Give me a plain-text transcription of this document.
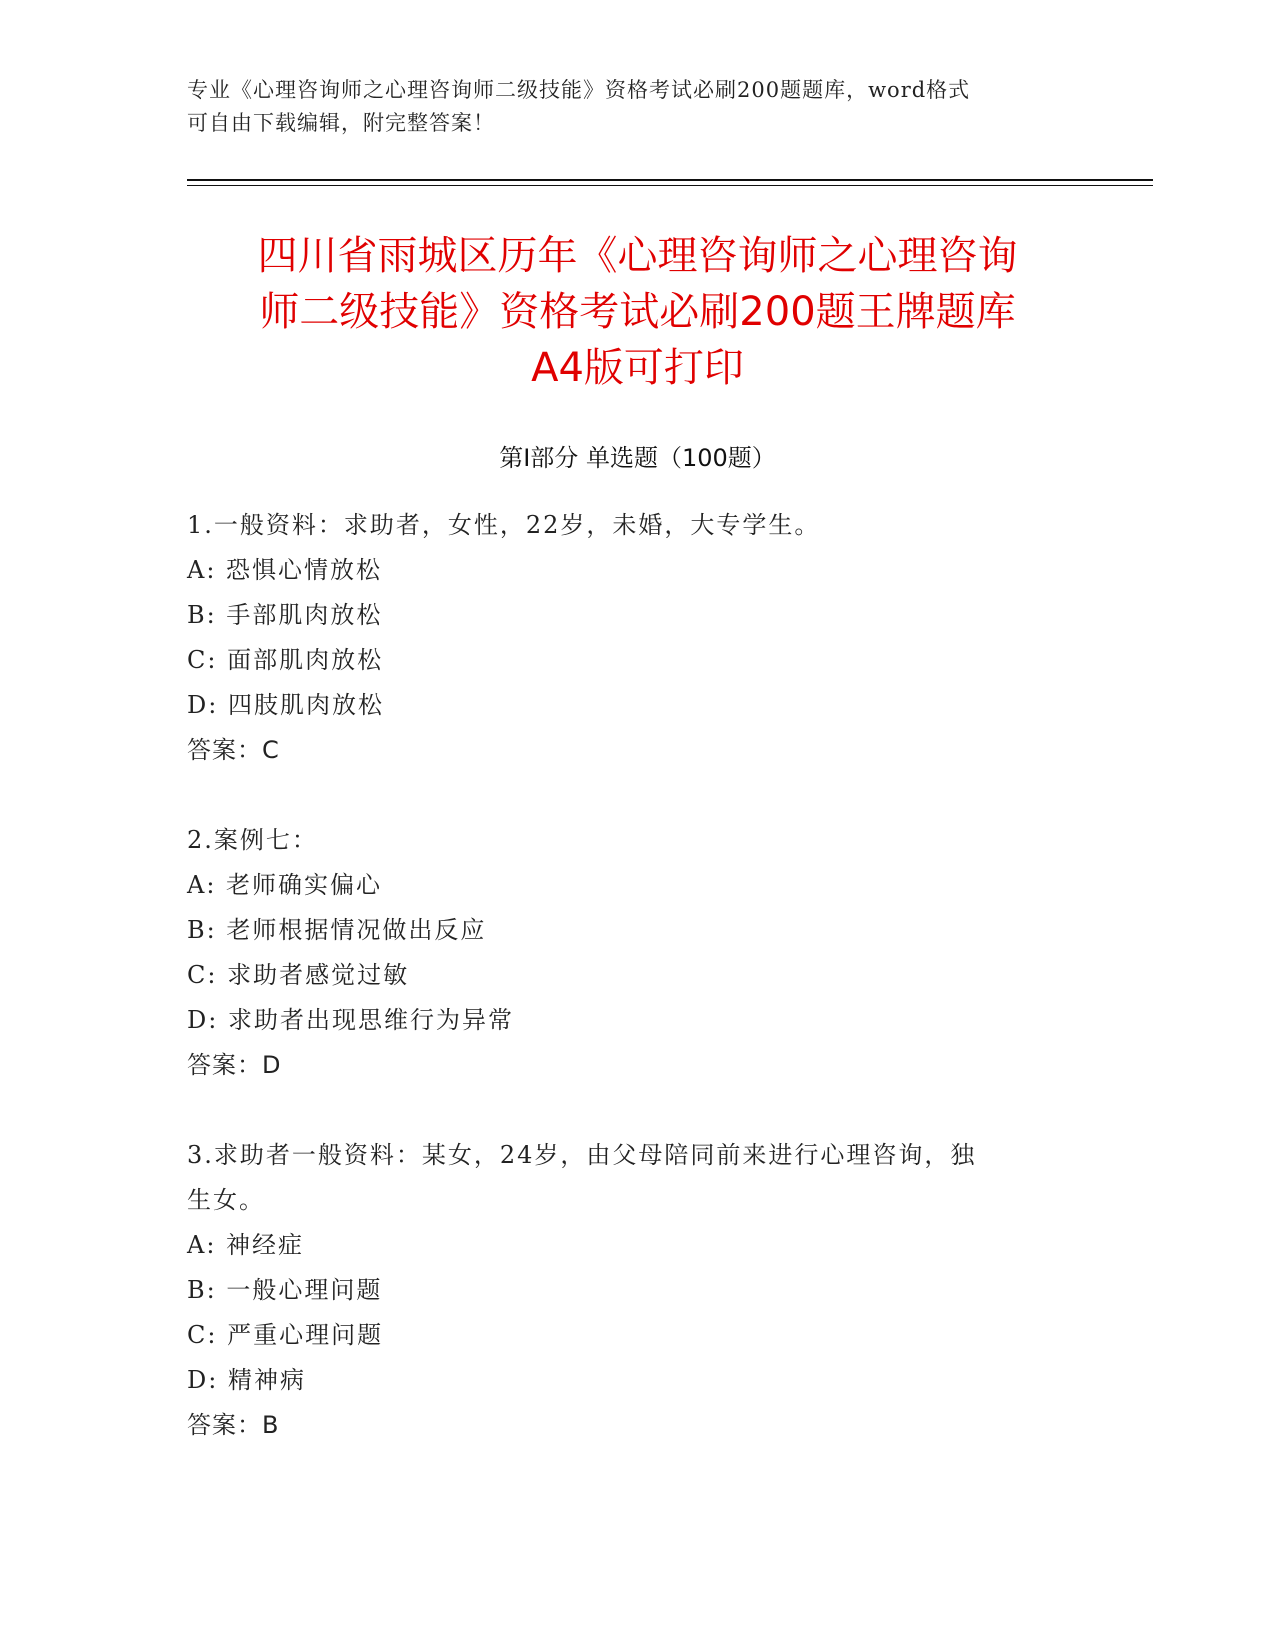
专业《心理咨询师之心理咨询师二级技能》资格考试必刷200题题库，word格式
可自由下载编辑，附完整答案！
四川省雨城区历年《心理咨询师之心理咨询
师二级技能》资格考试必刷200题王牌题库
A4版可打印
第Ⅰ部分 单选题（100题）
1.一般资料：求助者，女性，22岁，未婚，大专学生。
A: 恐惧心情放松
B: 手部肌肉放松
C: 面部肌肉放松
D: 四肢肌肉放松
答案：C
2.案例七：
A: 老师确实偏心
B: 老师根据情况做出反应
C: 求助者感觉过敏
D: 求助者出现思维行为异常
答案：D
3.求助者一般资料：某女，24岁，由父母陪同前来进行心理咨询，独
生女。
A: 神经症
B: 一般心理问题
C: 严重心理问题
D: 精神病
答案：B
